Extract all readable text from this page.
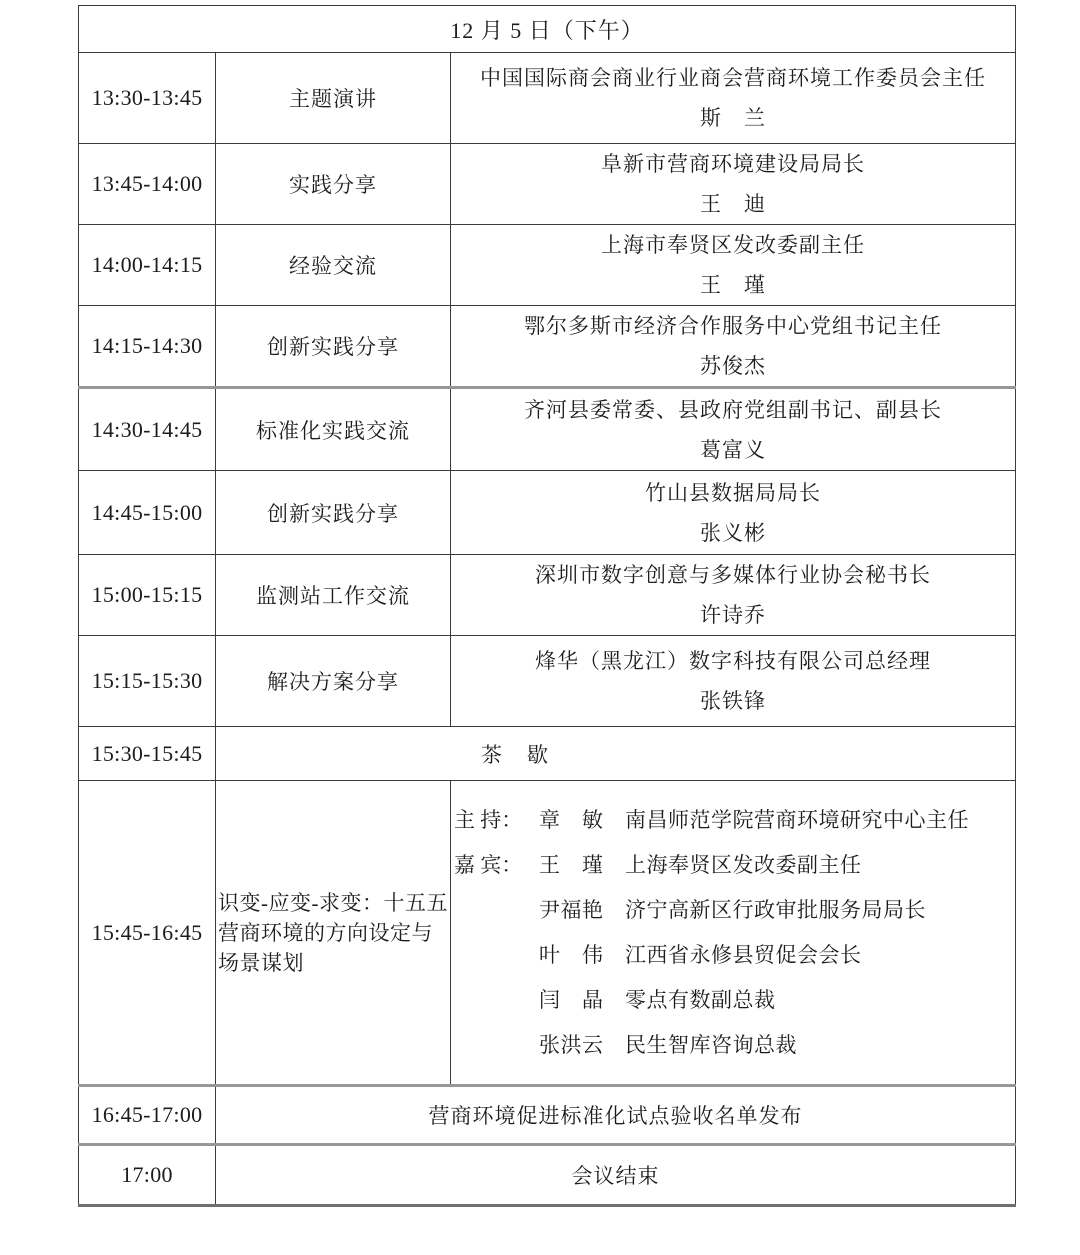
12 月 5 日（下午）		
13:30-13:45	主题演讲	中国国际商会商业行业商会营商环境工作委员会主任
斯　兰

13:45-14:00	实践分享	阜新市营商环境建设局局长
王　迪

14:00-14:15	经验交流	上海市奉贤区发改委副主任
王　瑾

14:15-14:30	创新实践分享	鄂尔多斯市经济合作服务中心党组书记主任
苏俊杰

14:30-14:45	标准化实践交流	齐河县委常委、县政府党组副书记、副县长
葛富义

14:45-15:00	创新实践分享	竹山县数据局局长
张义彬

15:00-15:15	监测站工作交流	深圳市数字创意与多媒体行业协会秘书长
许诗乔

15:15-15:30	解决方案分享	烽华（黑龙江）数字科技有限公司总经理
张铁锋

15:30-15:45	茶　歇	
15:45-16:45	识变-应变-求变：十五五营商环境的方向设定与场景谋划	
主 持： 章　敏 南昌师范学院营商环境研究中心主任
嘉 宾： 王　瑾 上海奉贤区发改委副主任
尹福艳 济宁高新区行政审批服务局局长
叶　伟 江西省永修县贸促会会长
闫　晶 零点有数副总裁
张洪云 民生智库咨询总裁

16:45-17:00	营商环境促进标准化试点验收名单发布	
17:00	会议结束	
